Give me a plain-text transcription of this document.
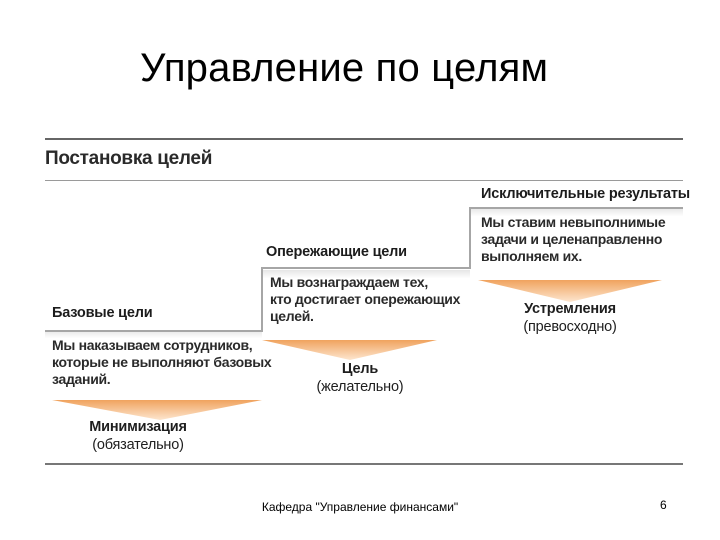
Управление по целям
Постановка целей
Исключительные результаты
Мы ставим невыполнимые
задачи и целенаправленно
выполняем их.
Устремления
(превосходно)
Опережающие цели
Мы вознаграждаем тех,
кто достигает опережающих
целей.
Цель
(желательно)
Базовые цели
Мы наказываем сотрудников,
которые не выполняют базовых
заданий.
Минимизация
(обязательно)
Кафедра "Управление финансами"	6
